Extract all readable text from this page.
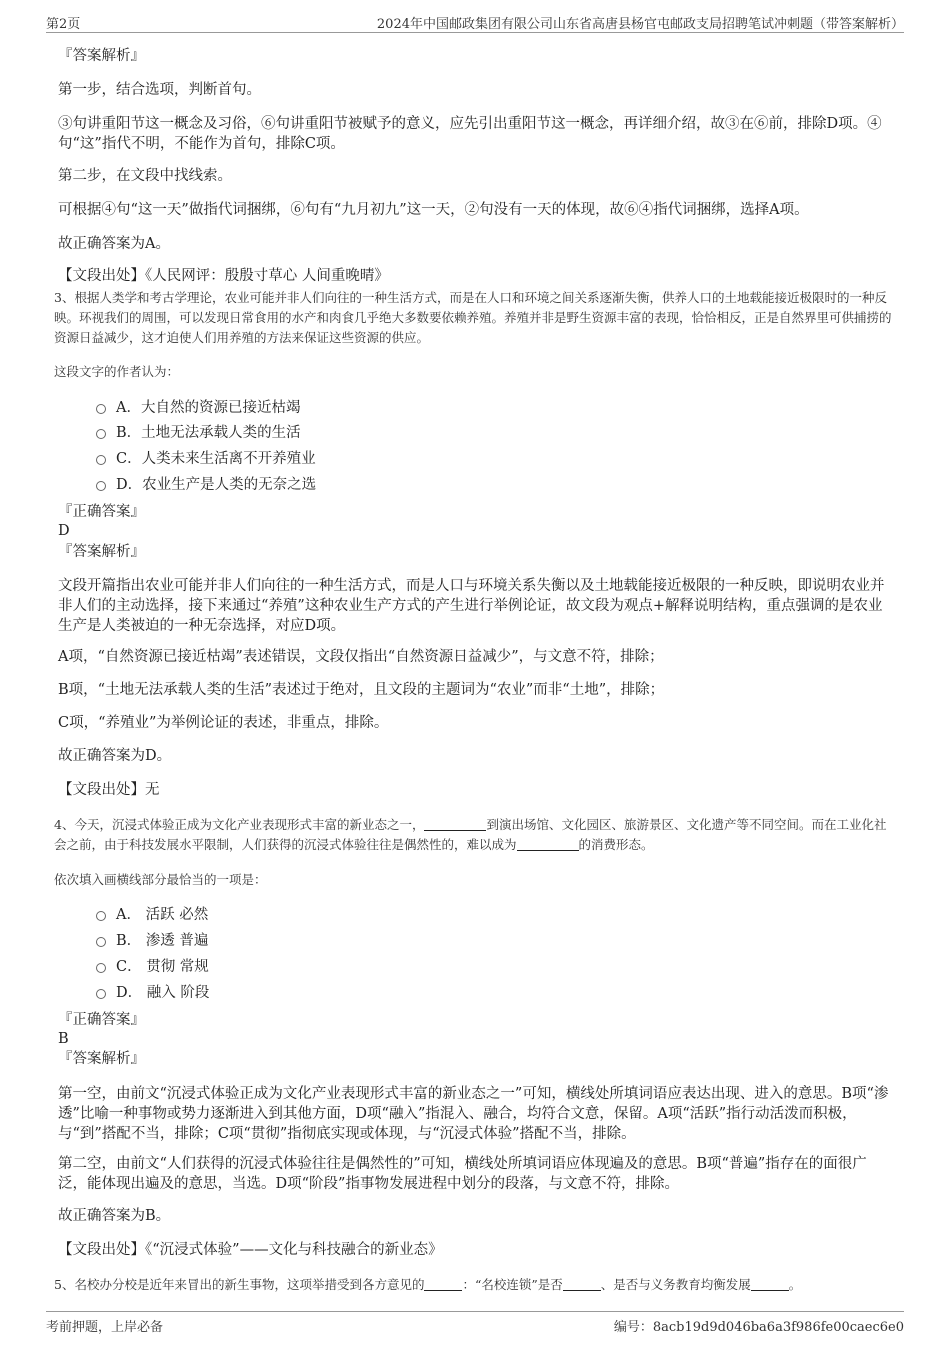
第2页	2024年中国邮政集团有限公司山东省高唐县杨官屯邮政支局招聘笔试冲刺题（带答案解析）
『答案解析』
第一步，结合选项，判断首句。
③句讲重阳节这一概念及习俗，⑥句讲重阳节被赋予的意义，应先引出重阳节这一概念，再详细介绍，故③在⑥前，排除D项。④句“这”指代不明，不能作为首句，排除C项。
第二步，在文段中找线索。
可根据④句“这一天”做指代词捆绑，⑥句有“九月初九”这一天，②句没有一天的体现，故⑥④指代词捆绑，选择A项。
故正确答案为A。
【文段出处】《人民网评：殷殷寸草心 人间重晚晴》
3、根据人类学和考古学理论，农业可能并非人们向往的一种生活方式，而是在人口和环境之间关系逐渐失衡，供养人口的土地载能接近极限时的一种反映。环视我们的周围，可以发现日常食用的水产和肉食几乎绝大多数要依赖养殖。养殖并非是野生资源丰富的表现，恰恰相反，正是自然界里可供捕捞的资源日益减少，这才迫使人们用养殖的方法来保证这些资源的供应。
这段文字的作者认为：
A．大自然的资源已接近枯竭
B．土地无法承载人类的生活
C．人类未来生活离不开养殖业
D．农业生产是人类的无奈之选
『正确答案』
D
『答案解析』
文段开篇指出农业可能并非人们向往的一种生活方式，而是人口与环境关系失衡以及土地载能接近极限的一种反映，即说明农业并非人们的主动选择，接下来通过“养殖”这种农业生产方式的产生进行举例论证，故文段为观点+解释说明结构，重点强调的是农业生产是人类被迫的一种无奈选择，对应D项。
A项，“自然资源已接近枯竭”表述错误，文段仅指出“自然资源日益减少”，与文意不符，排除；
B项，“土地无法承载人类的生活”表述过于绝对，且文段的主题词为“农业”而非“土地”，排除；
C项，“养殖业”为举例论证的表述，非重点，排除。
故正确答案为D。
【文段出处】无
4、今天，沉浸式体验正成为文化产业表现形式丰富的新业态之一，	到演出场馆、文化园区、旅游景区、文化遗产等不同空间。而在工业化社会之前，由于科技发展水平限制，人们获得的沉浸式体验往往是偶然性的，难以成为	的消费形态。
依次填入画横线部分最恰当的一项是：
A． 活跃 必然
B． 渗透 普遍
C． 贯彻 常规
D． 融入 阶段
『正确答案』
B
『答案解析』
第一空，由前文“沉浸式体验正成为文化产业表现形式丰富的新业态之一”可知，横线处所填词语应表达出现、进入的意思。B项“渗透”比喻一种事物或势力逐渐进入到其他方面，D项“融入”指混入、融合，均符合文意，保留。A项“活跃”指行动活泼而积极，与“到”搭配不当，排除；C项“贯彻”指彻底实现或体现，与“沉浸式体验”搭配不当，排除。
第二空，由前文“人们获得的沉浸式体验往往是偶然性的”可知，横线处所填词语应体现遍及的意思。B项“普遍”指存在的面很广泛，能体现出遍及的意思，当选。D项“阶段”指事物发展进程中划分的段落，与文意不符，排除。
故正确答案为B。
【文段出处】《“沉浸式体验”——文化与科技融合的新业态》
5、名校办分校是近年来冒出的新生事物，这项举措受到各方意见的	：“名校连锁”是否	、是否与义务教育均衡发展	。
考前押题，上岸必备	编号：8acb19d9d046ba6a3f986fe00caec6e0
